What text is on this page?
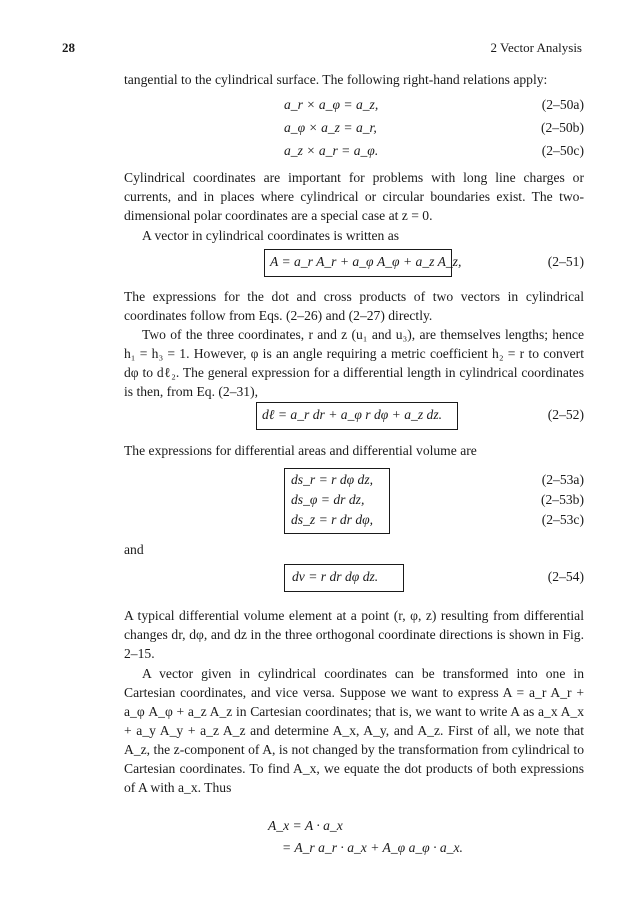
28	2 Vector Analysis

tangential to the cylindrical surface. The following right-hand relations apply:

a_r × a_φ = a_z,	(2–50a)
a_φ × a_z = a_r,	(2–50b)
a_z × a_r = a_φ.	(2–50c)

Cylindrical coordinates are important for problems with long line charges or currents, and in places where cylindrical or circular boundaries exist. The two-dimensional polar coordinates are a special case at z = 0.

A vector in cylindrical coordinates is written as

A = a_r A_r + a_φ A_φ + a_z A_z,	(2–51)

The expressions for the dot and cross products of two vectors in cylindrical coordinates follow from Eqs. (2–26) and (2–27) directly.

Two of the three coordinates, r and z (u₁ and u₃), are themselves lengths; hence h₁ = h₃ = 1. However, φ is an angle requiring a metric coefficient h₂ = r to convert dφ to dℓ₂. The general expression for a differential length in cylindrical coordinates is then, from Eq. (2–31),

dℓ = a_r dr + a_φ r dφ + a_z dz.	(2–52)

The expressions for differential areas and differential volume are

ds_r = r dφ dz,	(2–53a)
ds_φ = dr dz,	(2–53b)
ds_z = r dr dφ,	(2–53c)

and

dv = r dr dφ dz.	(2–54)

A typical differential volume element at a point (r, φ, z) resulting from differential changes dr, dφ, and dz in the three orthogonal coordinate directions is shown in Fig. 2–15.

A vector given in cylindrical coordinates can be transformed into one in Cartesian coordinates, and vice versa. Suppose we want to express A = a_r A_r + a_φ A_φ + a_z A_z in Cartesian coordinates; that is, we want to write A as a_x A_x + a_y A_y + a_z A_z and determine A_x, A_y, and A_z. First of all, we note that A_z, the z-component of A, is not changed by the transformation from cylindrical to Cartesian coordinates. To find A_x, we equate the dot products of both expressions of A with a_x. Thus

A_x = A · a_x
= A_r a_r · a_x + A_φ a_φ · a_x.
